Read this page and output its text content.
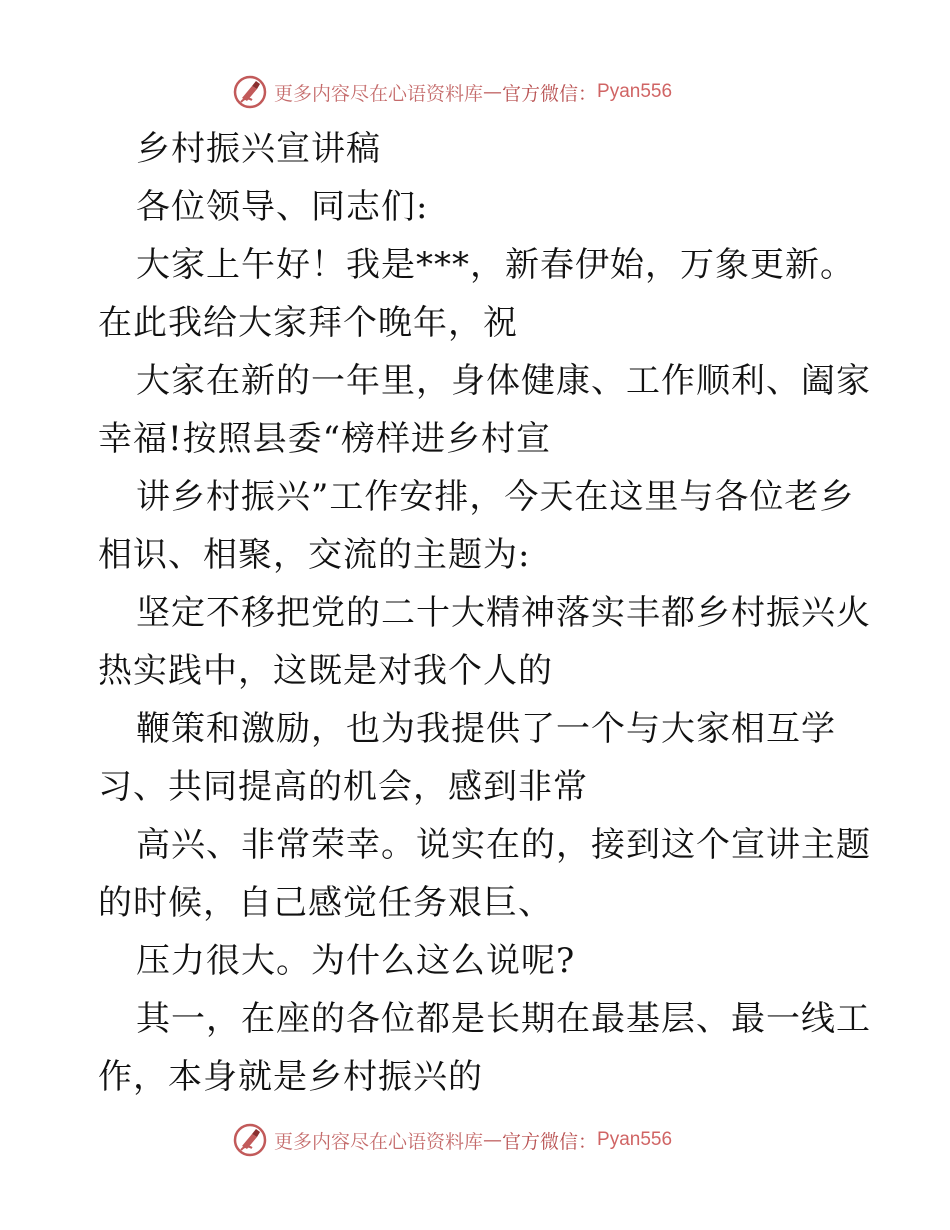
更多内容尽在心语资料库 — 官方微信： Pyan556
乡村振兴宣讲稿
各位领导、同志们:
大家上午好！我是***，新春伊始，万象更新。
在此我给大家拜个晚年，祝
大家在新的一年里，身体健康、工作顺利、阖家
幸福!按照县委“榜样进乡村宣
讲乡村振兴”工作安排，今天在这里与各位老乡
相识、相聚，交流的主题为:
坚定不移把党的二十大精神落实丰都乡村振兴火
热实践中，这既是对我个人的
鞭策和激励，也为我提供了一个与大家相互学
习、共同提高的机会，感到非常
高兴、非常荣幸。说实在的，接到这个宣讲主题
的时候，自己感觉任务艰巨、
压力很大。为什么这么说呢?
其一，在座的各位都是长期在最基层、最一线工
作，本身就是乡村振兴的
更多内容尽在心语资料库 — 官方微信： Pyan556
